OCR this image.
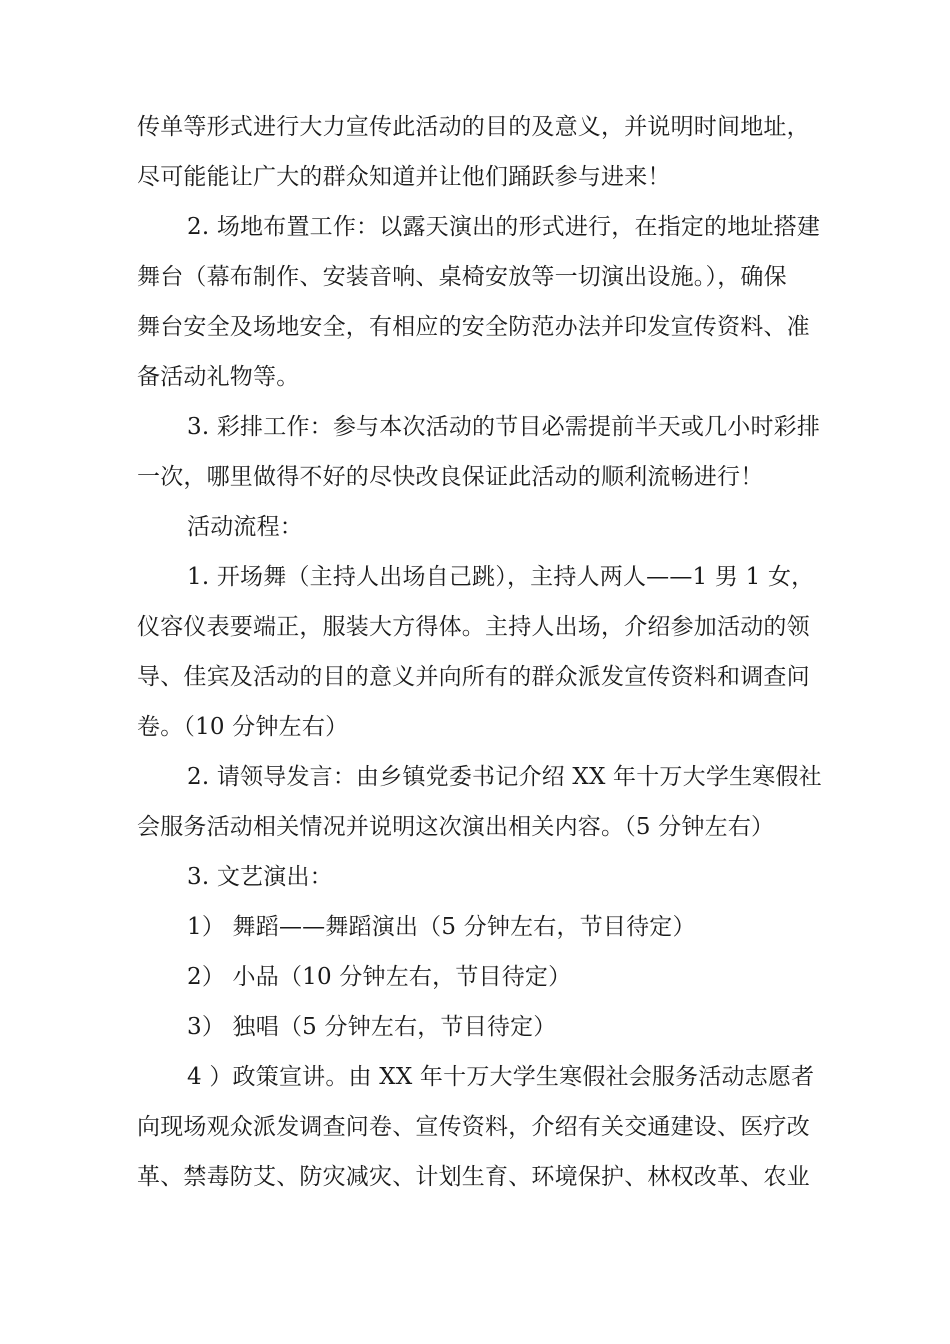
传单等形式进行大力宣传此活动的目的及意义，并说明时间地址，
尽可能能让广大的群众知道并让他们踊跃参与进来！
2. 场地布置工作：以露天演出的形式进行，在指定的地址搭建
舞台（幕布制作、安装音响、桌椅安放等一切演出设施。），确保
舞台安全及场地安全，有相应的安全防范办法并印发宣传资料、准
备活动礼物等。
3. 彩排工作：参与本次活动的节目必需提前半天或几小时彩排
一次，哪里做得不好的尽快改良保证此活动的顺利流畅进行！
活动流程：
1. 开场舞（主持人出场自己跳），主持人两人——1 男 1 女，
仪容仪表要端正，服装大方得体。主持人出场，介绍参加活动的领
导、佳宾及活动的目的意义并向所有的群众派发宣传资料和调查问
卷。（10 分钟左右）
2. 请领导发言：由乡镇党委书记介绍 XX 年十万大学生寒假社
会服务活动相关情况并说明这次演出相关内容。（5 分钟左右）
3. 文艺演出：
1） 舞蹈——舞蹈演出（5 分钟左右，节目待定）
2） 小品（10 分钟左右，节目待定）
3） 独唱（5 分钟左右，节目待定）
4 ）政策宣讲。由 XX 年十万大学生寒假社会服务活动志愿者
向现场观众派发调查问卷、宣传资料，介绍有关交通建设、医疗改
革、禁毒防艾、防灾减灾、计划生育、环境保护、林权改革、农业
